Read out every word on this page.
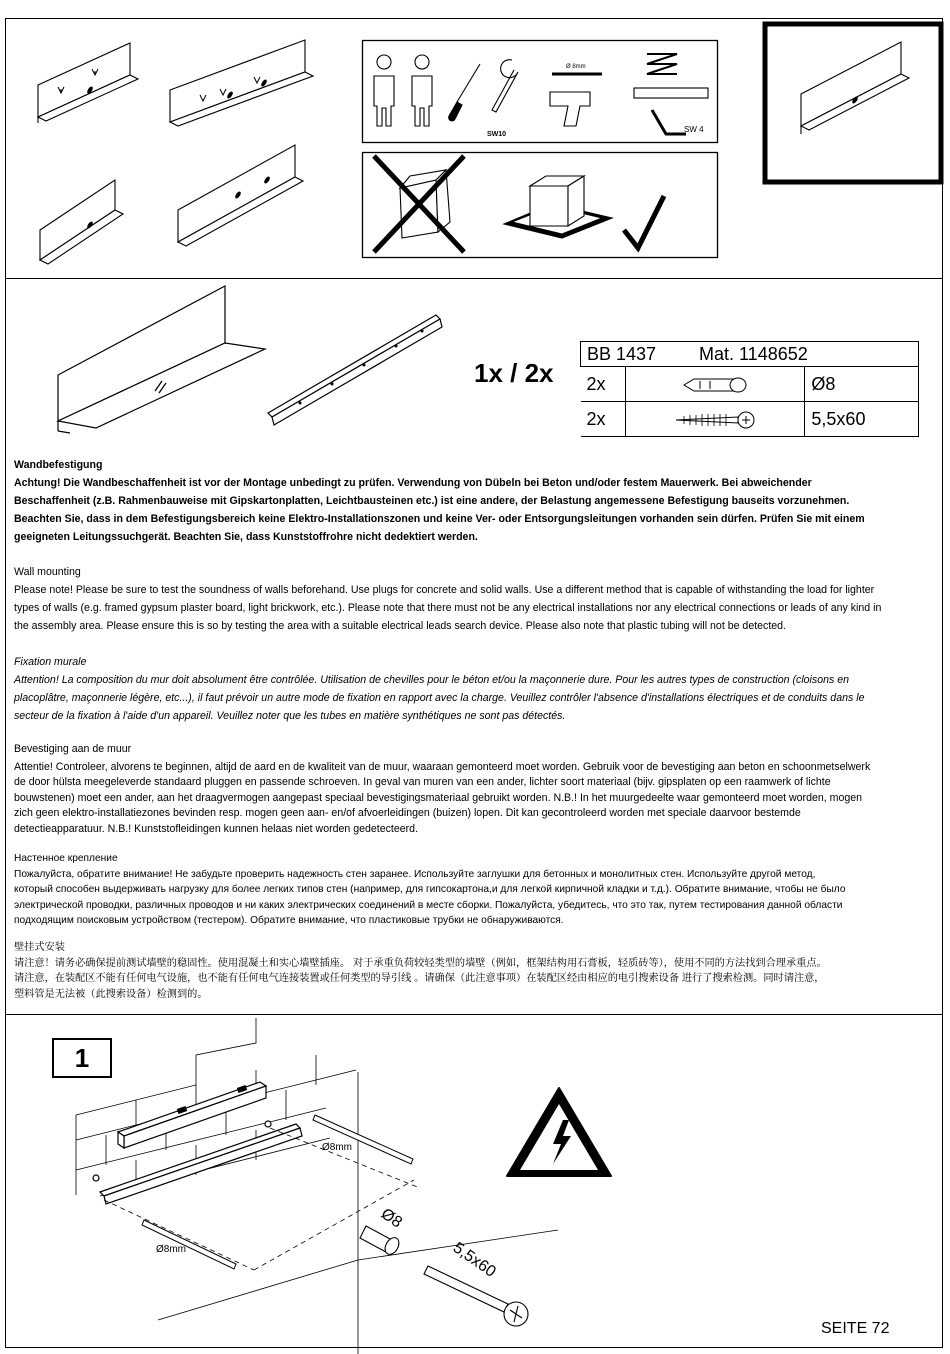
SW10
Ø 8mm
SW 4
1x / 2x
BB 1437 Mat. 1148652		

2x		Ø8
2x		5,5x60

Wandbefestigung

Achtung! Die Wandbeschaffenheit ist vor der Montage unbedingt zu prüfen. Verwendung von Dübeln bei Beton und/oder festem Mauerwerk. Bei abweichender

Beschaffenheit (z.B. Rahmenbauweise mit Gipskartonplatten, Leichtbausteinen etc.) ist eine andere, der Belastung angemessene Befestigung bauseits vorzunehmen.

Beachten Sie, dass in dem Befestigungsbereich keine Elektro-Installationszonen und keine Ver- oder Entsorgungsleitungen vorhanden sein dürfen. Prüfen Sie mit einem

geeigneten Leitungssuchgerät. Beachten Sie, dass Kunststoffrohre nicht dedektiert werden.

Wall mounting

Please note! Please be sure to test the soundness of walls beforehand. Use plugs for concrete and solid walls. Use a different method that is capable of withstanding the load for lighter

types of walls (e.g. framed gypsum plaster board, light brickwork, etc.). Please note that there must not be any electrical installations nor any electrical connections or leads of any kind in

the assembly area. Please ensure this is so by testing the area with a suitable electrical leads search device. Please also note that plastic tubing will not be detected.

Fixation murale

Attention! La composition du mur doit absolument être contrôlée. Utilisation de chevilles pour le béton et/ou la maçonnerie dure. Pour les autres types de construction (cloisons en

placoplâtre, maçonnerie légère, etc...), il faut prévoir un autre mode de fixation en rapport avec la charge. Veuillez contrôler l'absence d'installations électriques et de conduits dans le

secteur de la fixation à l'aide d'un appareil. Veuillez noter que les tubes en matière synthétiques ne sont pas détectés.

Bevestiging aan de muur

Attentie! Controleer, alvorens te beginnen, altijd de aard en de kwaliteit van de muur, waaraan gemonteerd moet worden. Gebruik voor de bevestiging aan beton en schoonmetselwerk

de door hülsta meegeleverde standaard pluggen en passende schroeven. In geval van muren van een ander, lichter soort materiaal (bijv. gipsplaten op een raamwerk of lichte

bouwstenen) moet een ander, aan het draagvermogen aangepast speciaal bevestigingsmateriaal gebruikt worden. N.B.! In het muurgedeelte waar gemonteerd moet worden, mogen

zich geen elektro-installatiezones bevinden resp. mogen geen aan- en/of afvoerleidingen (buizen) lopen. Dit kan gecontroleerd worden met speciale daarvoor bestemde

detectieapparatuur. N.B.! Kunststofleidingen kunnen helaas niet worden gedetecteerd.

Настенное крепление

Пожалуйста, обратите внимание! Не забудьте проверить надежность стен заранее. Используйте заглушки для бетонных и монолитных стен. Используйте другой метод,

который способен выдерживать нагрузку для более легких типов стен (например, для гипсокартона,и для легкой кирпичной кладки и т.д.). Обратите внимание, чтобы не было

электрической проводки, различных проводов и ни каких электрических соединений в месте сборки. Пожалуйста, убедитесь, что это так, путем тестирования данной области

подходящим поисковым устройством (тестером). Обратите внимание, что пластиковые трубки не обнаруживаются.

壁挂式安装

请注意！请务必确保提前测试墙壁的稳固性。使用混凝土和实心墙壁插座。 对于承重负荷较轻类型的墙壁（例如，框架结构用石膏板，轻质砖等），使用不同的方法找到合理承重点。

请注意，在装配区不能有任何电气设施，也不能有任何电气连接装置或任何类型的导引线 。请确保（此注意事项）在装配区经由相应的电引搜索设备 进行了搜索检测。同时请注意，

塑料管是无法被（此搜索设备）检测到的。

1
Ø8mm
Ø8mm
Ø8
5,5x60
SEITE 72
